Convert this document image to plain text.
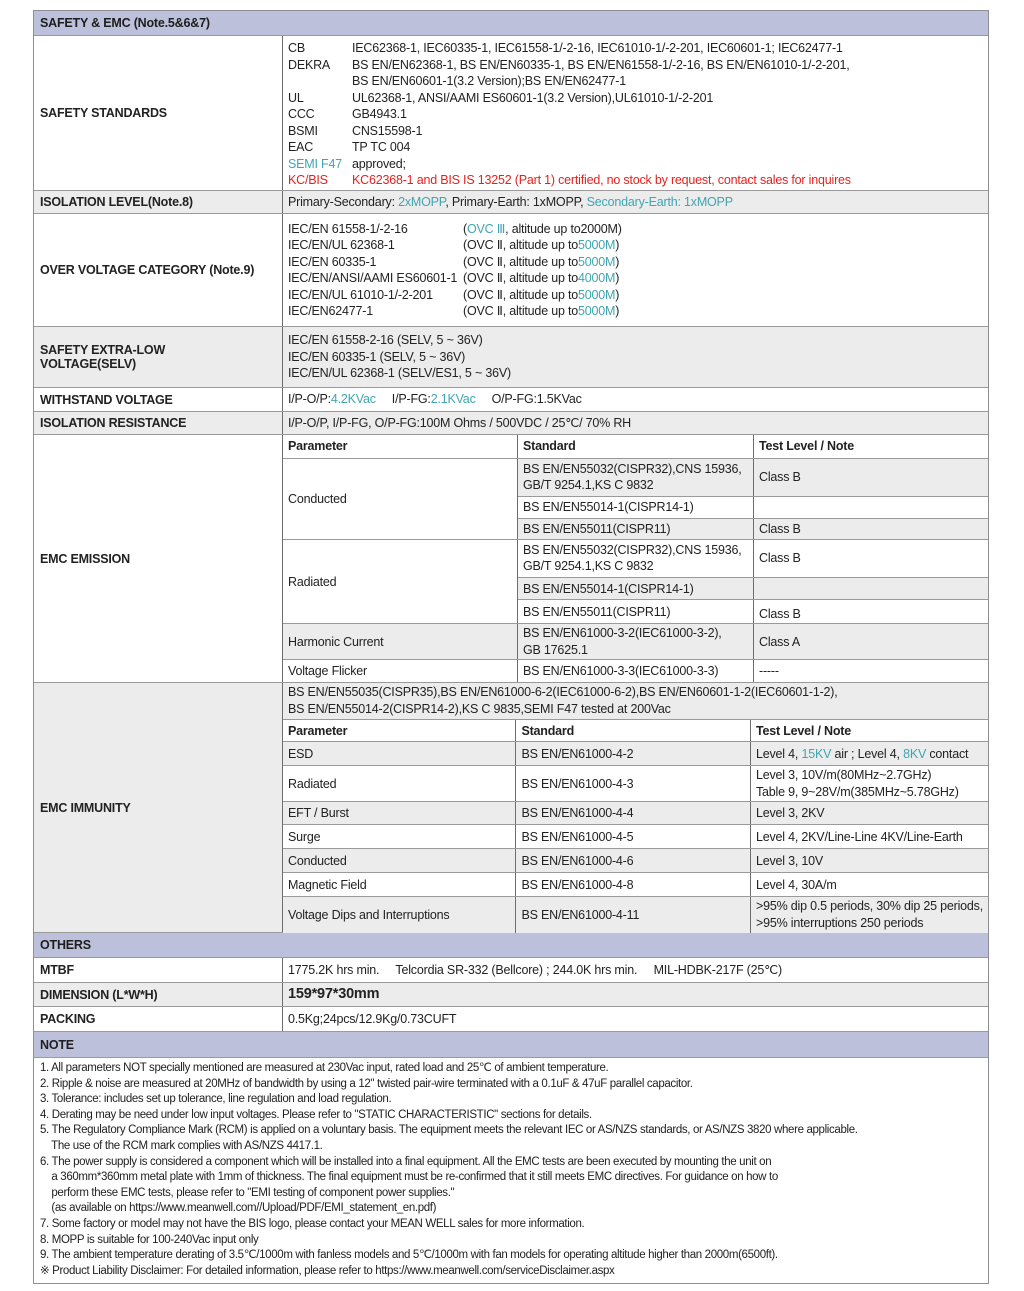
SAFETY & EMC (Note.5&6&7)
SAFETY STANDARDS
CB	IEC62368-1, IEC60335-1, IEC61558-1/-2-16, IEC61010-1/-2-201, IEC60601-1; IEC62477-1
DEKRA	BS EN/EN62368-1, BS EN/EN60335-1, BS EN/EN61558-1/-2-16, BS EN/EN61010-1/-2-201,
BS EN/EN60601-1(3.2 Version);BS EN/EN62477-1
UL	UL62368-1, ANSI/AAMI ES60601-1(3.2 Version),UL61010-1/-2-201
CCC	GB4943.1
BSMI	CNS15598-1
EAC	TP TC 004
SEMI F47 approved;
KC/BIS	KC62368-1 and BIS IS 13252 (Part 1) certified, no stock by request, contact sales for inquires
ISOLATION LEVEL(Note.8)	Primary-Secondary: 2xMOPP, Primary-Earth: 1xMOPP, Secondary-Earth: 1xMOPP
OVER VOLTAGE CATEGORY (Note.9)
IEC/EN 61558-1/-2-16	( OVC Ⅲ , altitude up to 2000M )
IEC/EN/UL 62368-1	( OVC Ⅱ , altitude up to 5000M )
IEC/EN 60335-1	( OVC Ⅱ , altitude up to 5000M )
IEC/EN/ANSI/AAMI ES60601-1 ( OVC Ⅱ , altitude up to 4000M )
IEC/EN/UL 61010-1/-2-201	( OVC Ⅱ , altitude up to 5000M )
IEC/EN62477-1	( OVC Ⅱ , altitude up to 5000M )
SAFETY EXTRA-LOW
VOLTAGE(SELV)
IEC/EN 61558-2-16 (SELV, 5 ~ 36V)
IEC/EN 60335-1 (SELV, 5 ~ 36V)
IEC/EN/UL 62368-1 (SELV/ES1, 5 ~ 36V)
WITHSTAND VOLTAGE	I/P-O/P:4.2KVac I/P-FG:2.1KVac O/P-FG:1.5KVac
ISOLATION RESISTANCE	I/P-O/P, I/P-FG, O/P-FG:100M Ohms / 500VDC / 25℃/ 70% RH
EMC EMISSION
Parameter	Standard	Test Level / Note
Conducted	BS EN/EN55032(CISPR32),CNS 15936,
GB/T 9254.1,KS C 9832	Class B
	BS EN/EN55014-1(CISPR14-1)	
	BS EN/EN55011(CISPR11)	Class B
Radiated	BS EN/EN55032(CISPR32),CNS 15936,
GB/T 9254.1,KS C 9832	Class B
	BS EN/EN55014-1(CISPR14-1)	
	BS EN/EN55011(CISPR11)	Class B
Harmonic Current	BS EN/EN61000-3-2(IEC61000-3-2),
GB 17625.1	Class A
Voltage Flicker	BS EN/EN61000-3-3(IEC61000-3-3)	-----
EMC IMMUNITY
BS EN/EN55035(CISPR35),BS EN/EN61000-6-2(IEC61000-6-2),BS EN/EN60601-1-2(IEC60601-1-2),
BS EN/EN55014-2(CISPR14-2),KS C 9835,SEMI F47 tested at 200Vac		

Parameter	Standard	Test Level / Note
ESD	BS EN/EN61000-4-2	Level 4, 15KV air ; Level 4, 8KV contact
Radiated	BS EN/EN61000-4-3	Level 3, 10V/m(80MHz~2.7GHz)
Table 9, 9~28V/m(385MHz~5.78GHz)

EFT / Burst	BS EN/EN61000-4-4	Level 3, 2KV
Surge	BS EN/EN61000-4-5	Level 4, 2KV/Line-Line 4KV/Line-Earth
Conducted	BS EN/EN61000-4-6	Level 3, 10V
Magnetic Field	BS EN/EN61000-4-8	Level 4, 30A/m
Voltage Dips and Interruptions	BS EN/EN61000-4-11	>95% dip 0.5 periods, 30% dip 25 periods,
>95% interruptions 250 periods
OTHERS
MTBF	1775.2K hrs min.     Telcordia SR-332 (Bellcore) ; 244.0K hrs min.     MIL-HDBK-217F (25℃)
DIMENSION (L*W*H)	159*97*30mm
PACKING	0.5Kg;24pcs/12.9Kg/0.73CUFT
NOTE
1. All parameters NOT specially mentioned are measured at 230Vac input, rated load and 25℃ of ambient temperature.
2. Ripple & noise are measured at 20MHz of bandwidth by using a 12" twisted pair-wire terminated with a 0.1uF & 47uF parallel capacitor.
3. Tolerance: includes set up tolerance, line regulation and load regulation.
4. Derating may be need under low input voltages. Please refer to "STATIC CHARACTERISTIC" sections for details.
5. The Regulatory Compliance Mark (RCM) is applied on a voluntary basis. The equipment meets the relevant IEC or AS/NZS standards, or AS/NZS 3820 where applicable.
The use of the RCM mark complies with AS/NZS 4417.1.
6. The power supply is considered a component which will be installed into a final equipment. All the EMC tests are been executed by mounting the unit on
a 360mm*360mm metal plate with 1mm of thickness. The final equipment must be re-confirmed that it still meets EMC directives. For guidance on how to
perform these EMC tests, please refer to "EMI testing of component power supplies."
(as available on https://www.meanwell.com//Upload/PDF/EMI_statement_en.pdf)
7. Some factory or model may not have the BIS logo, please contact your MEAN WELL sales for more information.
8. MOPP is suitable for 100-240Vac input only
9. The ambient temperature derating of 3.5℃/1000m with fanless models and 5℃/1000m with fan models for operating altitude higher than 2000m(6500ft).
※ Product Liability Disclaimer: For detailed information, please refer to https://www.meanwell.com/serviceDisclaimer.aspx
